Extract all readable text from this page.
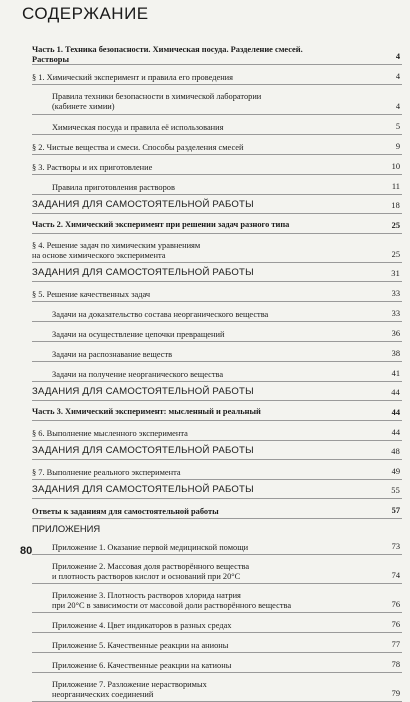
СОДЕРЖАНИЕ
Часть 1. Техника безопасности. Химическая посуда. Разделение смесей.
Растворы	4
§ 1. Химический эксперимент и правила его проведения	4
Правила техники безопасности в химической лаборатории
(кабинете химии)	4
Химическая посуда и правила её использования	5
§ 2. Чистые вещества и смеси. Способы разделения смесей	9
§ 3. Растворы и их приготовление	10
Правила приготовления растворов	11
ЗАДАНИЯ ДЛЯ САМОСТОЯТЕЛЬНОЙ РАБОТЫ	18
Часть 2. Химический эксперимент при решении задач разного типа	25
§ 4. Решение задач по химическим уравнениям
на основе химического эксперимента	25
ЗАДАНИЯ ДЛЯ САМОСТОЯТЕЛЬНОЙ РАБОТЫ	31
§ 5. Решение качественных задач	33
Задачи на доказательство состава неорганического вещества	33
Задачи на осуществление цепочки превращений	36
Задачи на распознавание веществ	38
Задачи на получение неорганического вещества	41
ЗАДАНИЯ ДЛЯ САМОСТОЯТЕЛЬНОЙ РАБОТЫ	44
Часть 3. Химический эксперимент: мысленный и реальный	44
§ 6. Выполнение мысленного эксперимента	44
ЗАДАНИЯ ДЛЯ САМОСТОЯТЕЛЬНОЙ РАБОТЫ	48
§ 7. Выполнение реального эксперимента	49
ЗАДАНИЯ ДЛЯ САМОСТОЯТЕЛЬНОЙ РАБОТЫ	55
Ответы к заданиям для самостоятельной работы	57
ПРИЛОЖЕНИЯ
Приложение 1. Оказание первой медицинской помощи	73
Приложение 2. Массовая доля растворённого вещества
и плотность растворов кислот и оснований при 20°С	74
Приложение 3. Плотность растворов хлорида натрия
при 20°С в зависимости от массовой доли растворённого вещества	76
Приложение 4. Цвет индикаторов в разных средах	76
Приложение 5. Качественные реакции на анионы	77
Приложение 6. Качественные реакции на катионы	78
Приложение 7. Разложение нерастворимых
неорганических соединений	79
80
